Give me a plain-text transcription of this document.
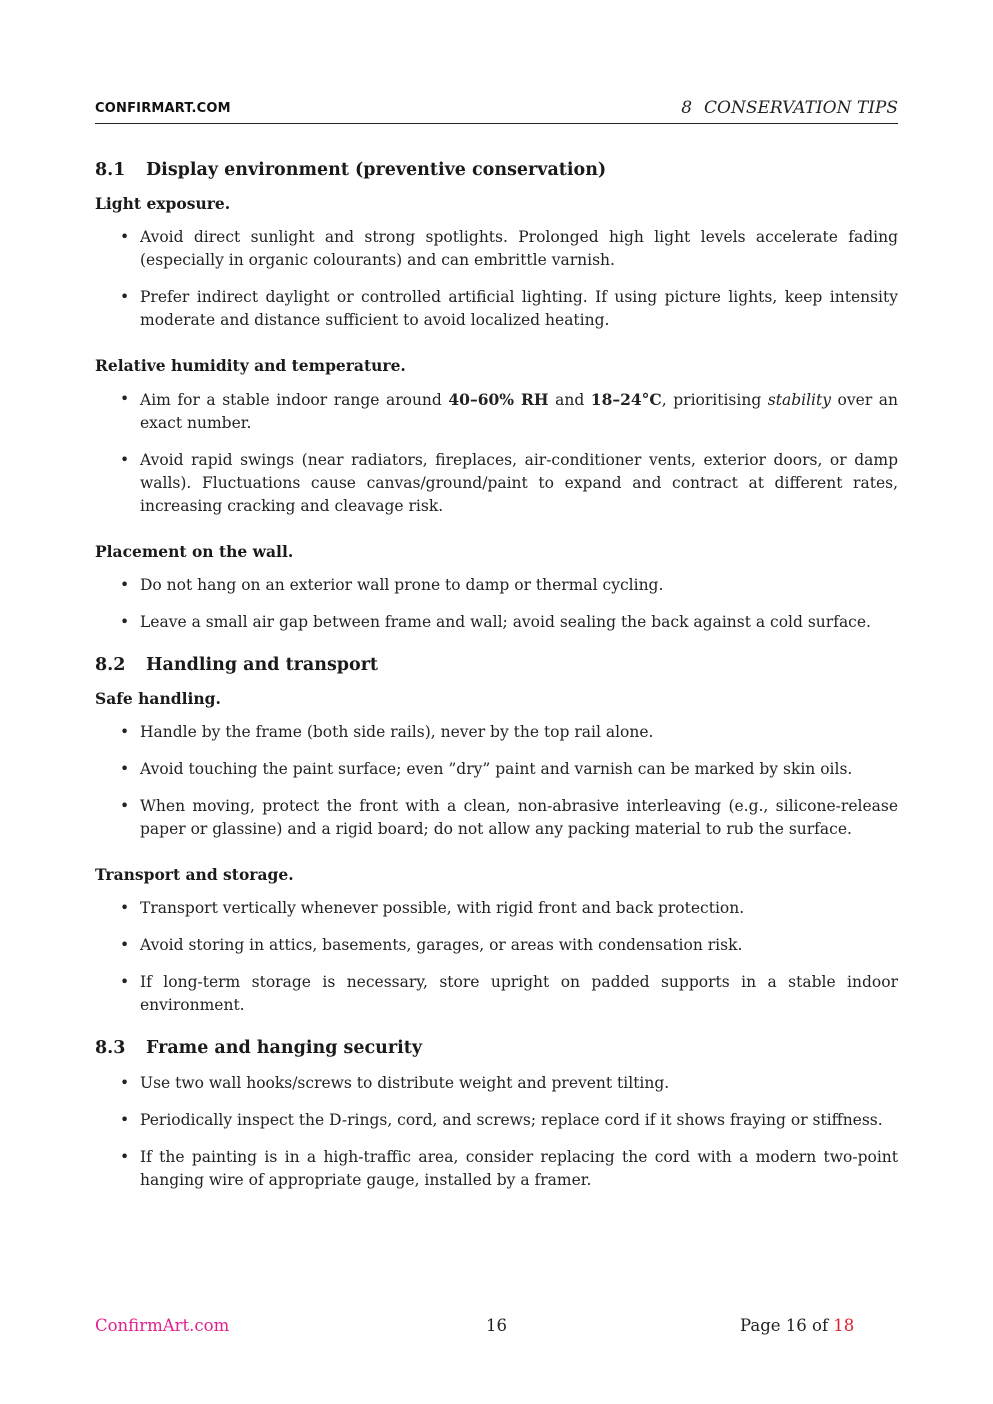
CONFIRMART.COM	8 CONSERVATION TIPS
8.1 Display environment (preventive conservation)
Light exposure.
• Avoid direct sunlight and strong spotlights. Prolonged high light levels accelerate fading (especially in organic colourants) and can embrittle varnish.
• Prefer indirect daylight or controlled artificial lighting. If using picture lights, keep intensity moderate and distance sufficient to avoid localized heating.
Relative humidity and temperature.
• Aim for a stable indoor range around 40–60% RH and 18–24°C, prioritising stability over an exact number.
• Avoid rapid swings (near radiators, fireplaces, air-conditioner vents, exterior doors, or damp walls). Fluctuations cause canvas/ground/paint to expand and contract at different rates, increasing cracking and cleavage risk.
Placement on the wall.
• Do not hang on an exterior wall prone to damp or thermal cycling.
• Leave a small air gap between frame and wall; avoid sealing the back against a cold surface.
8.2 Handling and transport
Safe handling.
• Handle by the frame (both side rails), never by the top rail alone.
• Avoid touching the paint surface; even ”dry” paint and varnish can be marked by skin oils.
• When moving, protect the front with a clean, non-abrasive interleaving (e.g., silicone-release paper or glassine) and a rigid board; do not allow any packing material to rub the surface.
Transport and storage.
• Transport vertically whenever possible, with rigid front and back protection.
• Avoid storing in attics, basements, garages, or areas with condensation risk.
• If long-term storage is necessary, store upright on padded supports in a stable indoor environment.
8.3 Frame and hanging security
• Use two wall hooks/screws to distribute weight and prevent tilting.
• Periodically inspect the D-rings, cord, and screws; replace cord if it shows fraying or stiffness.
• If the painting is in a high-traffic area, consider replacing the cord with a modern two-point hanging wire of appropriate gauge, installed by a framer.
ConfirmArt.com	16	Page 16 of 18
